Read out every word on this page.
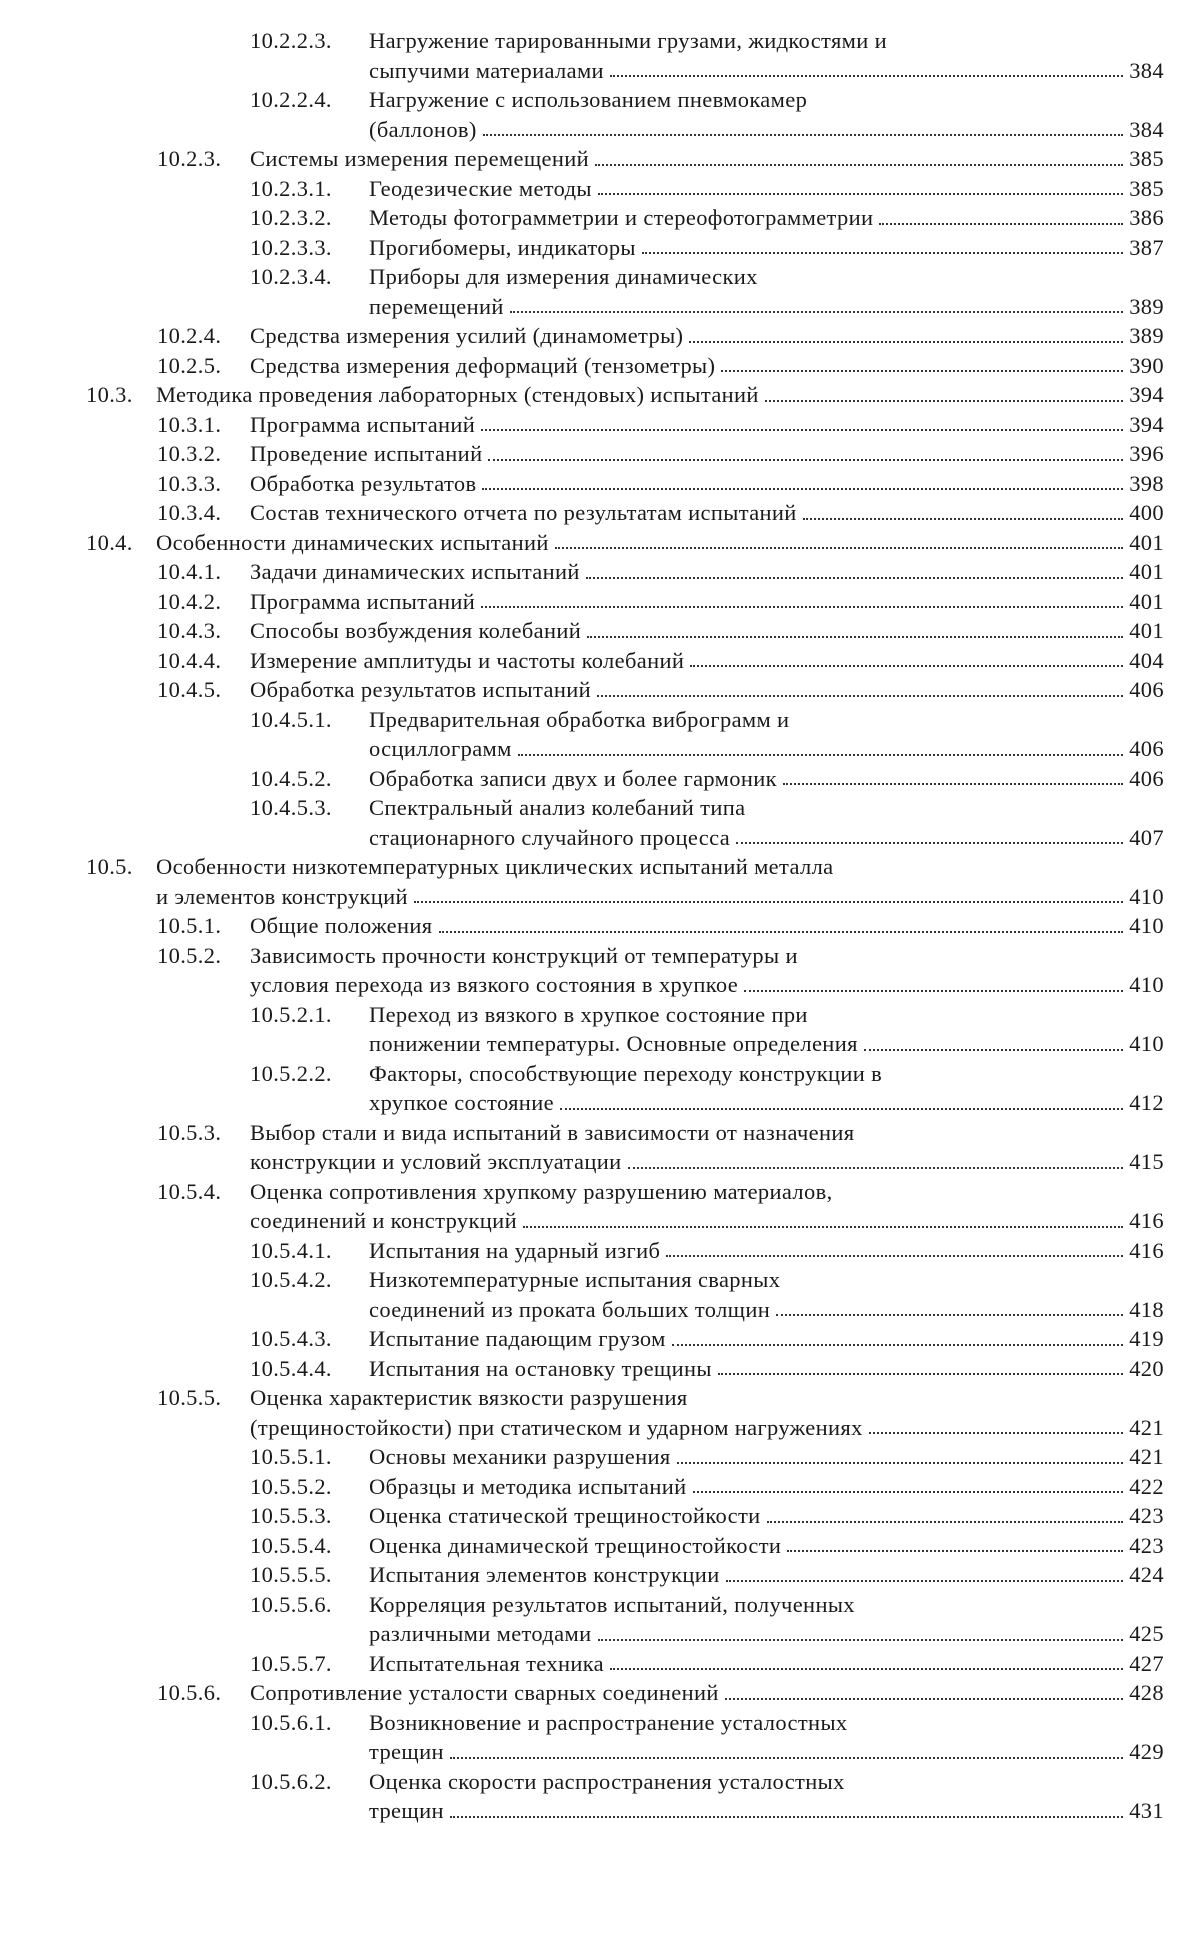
10.2.2.3. Нагружение тарированными грузами, жидкостями и
сыпучими материалами	384
10.2.2.4. Нагружение с использованием пневмокамер
(баллонов)	384
10.2.3. Системы измерения перемещений	385
10.2.3.1. Геодезические методы	385
10.2.3.2. Методы фотограмметрии и стереофотограмметрии	386
10.2.3.3. Прогибомеры, индикаторы	387
10.2.3.4. Приборы для измерения динамических
перемещений	389
10.2.4. Средства измерения усилий (динамометры)	389
10.2.5. Средства измерения деформаций (тензометры)	390
10.3. Методика проведения лабораторных (стендовых) испытаний	394
10.3.1. Программа испытаний	394
10.3.2. Проведение испытаний	396
10.3.3. Обработка результатов	398
10.3.4. Состав технического отчета по результатам испытаний	400
10.4. Особенности динамических испытаний	401
10.4.1. Задачи динамических испытаний	401
10.4.2. Программа испытаний	401
10.4.3. Способы возбуждения колебаний	401
10.4.4. Измерение амплитуды и частоты колебаний	404
10.4.5. Обработка результатов испытаний	406
10.4.5.1. Предварительная обработка виброграмм и
осциллограмм	406
10.4.5.2. Обработка записи двух и более гармоник	406
10.4.5.3. Спектральный анализ колебаний типа
стационарного случайного процесса	407
10.5. Особенности низкотемпературных циклических испытаний металла
и элементов конструкций	410
10.5.1. Общие положения	410
10.5.2. Зависимость прочности конструкций от температуры и
условия перехода из вязкого состояния в хрупкое	410
10.5.2.1. Переход из вязкого в хрупкое состояние при
понижении температуры. Основные определения	410
10.5.2.2. Факторы, способствующие переходу конструкции в
хрупкое состояние	412
10.5.3. Выбор стали и вида испытаний в зависимости от назначения
конструкции и условий эксплуатации	415
10.5.4. Оценка сопротивления хрупкому разрушению материалов,
соединений и конструкций	416
10.5.4.1. Испытания на ударный изгиб	416
10.5.4.2. Низкотемпературные испытания сварных
соединений из проката больших толщин	418
10.5.4.3. Испытание падающим грузом	419
10.5.4.4. Испытания на остановку трещины	420
10.5.5. Оценка характеристик вязкости разрушения
(трещиностойкости) при статическом и ударном нагружениях	421
10.5.5.1. Основы механики разрушения	421
10.5.5.2. Образцы и методика испытаний	422
10.5.5.3. Оценка статической трещиностойкости	423
10.5.5.4. Оценка динамической трещиностойкости	423
10.5.5.5. Испытания элементов конструкции	424
10.5.5.6. Корреляция результатов испытаний, полученных
различными методами	425
10.5.5.7. Испытательная техника	427
10.5.6. Сопротивление усталости сварных соединений	428
10.5.6.1. Возникновение и распространение усталостных
трещин	429
10.5.6.2. Оценка скорости распространения усталостных
трещин	431
